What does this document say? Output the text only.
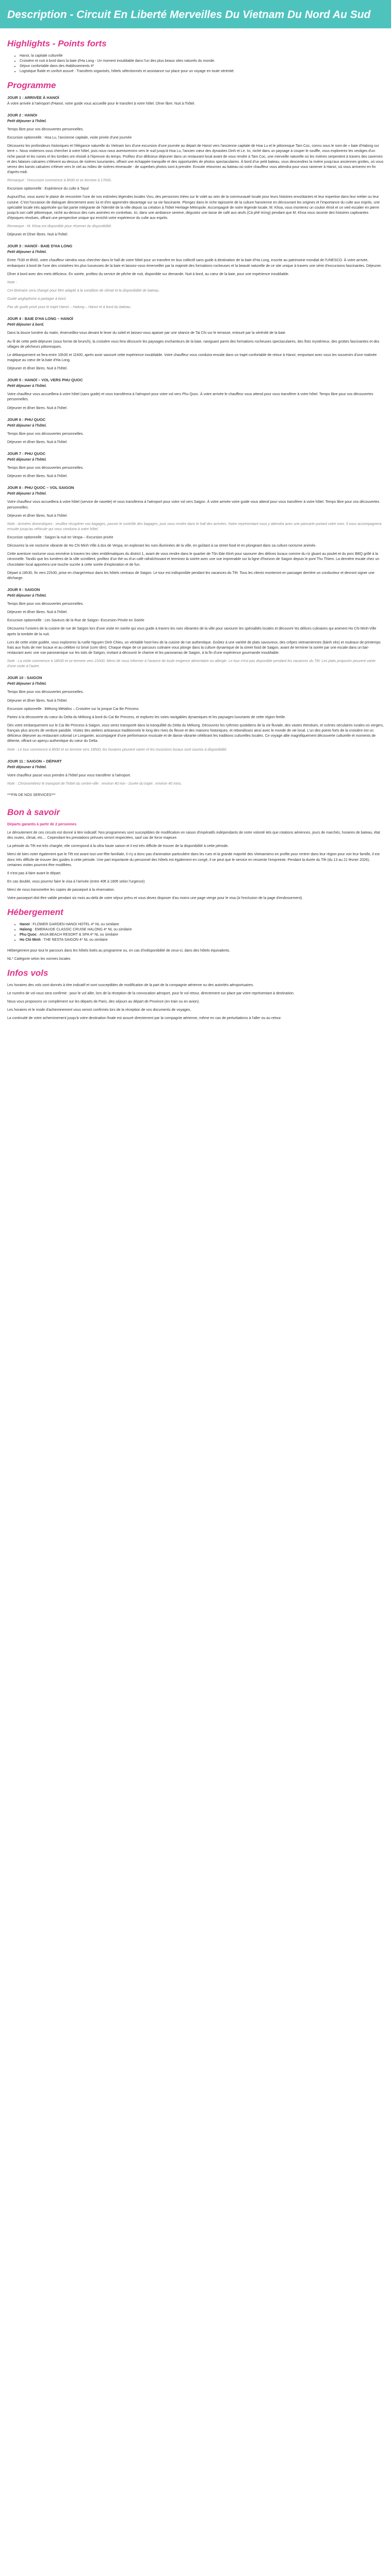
Description - Circuit En Liberté Merveilles Du Vietnam Du Nord Au Sud
Highlights - Points forts
• Hanoi, la capitale culturelle
• Croisière et nuit à bord dans la baie d'Ha Long - Un moment inoubliable dans l'un des plus beaux sites naturels du monde.
• Séjour confortable dans des établissements 4*
• Logistique fluide et confort assuré : Transferts organisés, hôtels sélectionnés et assistance sur place pour un voyage en toute sérénité.
Programme
JOUR 1 : ARRIVÉE À HANOÏ

À votre arrivée à l'aéroport d'Hanoï, votre guide vous accueille pour le transfert à votre hôtel. Dîner libre. Nuit à l'hôtel.

JOUR 2 : HANOI

Petit déjeuner à l'hôtel.

Temps libre pour vos découvertes personnelles.

Excursion optionnelle : Hoa Lu, l'ancienne capitale, visite privée d'une journée

Découvrez les profondeurs historiques et l'élégance naturelle du Vietnam lors d'une excursion d'une journée au départ de Hanoï vers l'ancienne capitale de Hoa Lu et le pittoresque Tam Coc, connu sous le nom de « baie d'Halong sur terre ». Nous visiterons vous chercher à votre hôtel, puis nous nous aventurerons vers le sud jusqu'à Hoa Lu, l'ancien cœur des dynasties Dinh et Le. Ici, niché dans un paysage à couper le souffle, vous explorerez les vestiges d'un riche passé et les ruines et les tombes ont résisté à l'épreuve du temps. Profitez d'un délicieux déjeuner dans un restaurant local avant de vous rendre à Tam Coc, une merveille naturelle où les rivières serpentent à travers des cavernes et des falaises calcaires s'élèvent au-dessus de rizières luxuriantes, offrant une échappée tranquille et des opportunités de photos spectaculaires. À bord d'un petit bateau, vous descendrez la rivière jusqu'aux anciennes grottes, où vous verrez des karsts calcaires s'élever vers le ciel au milieu de rizières émeraude - de superbes photos sont à prendre. Ensuite retournez au bateau où votre chauffeur vous attendra pour vous ramener à Hanoï, où vous arriverez en fin d'après-midi.

Remarque : l'excursion commence à 8h00 et se termine à 17h00.

Excursion optionnelle : Expérience du culte à Tayul

Aujourd'hui, vous aurez le plaisir de rencontrer l'une de nos estimées légendes locales Vivu, des personnes triées sur le volet au sein de la communauté locale pour leurs histoires envoûtantes et leur expertise dans leur métier ou leur cuisine. C'est l'occasion de dialoguer directement avec lui et d'en apprendre davantage sur sa vie fascinante. Plongez dans le riche tapisserie de la culture hanoïenne en découvrant les origines et l'importance du culte aux esprits, une spécialité locale très appréciée qui fait partie intégrante de l'identité de la ville depuis sa création à l'hôtel Heritage Métropole. Accompagné de notre légende locale, M. Khoa, vous monterez un couloir étroit et un vieil escalier en pierre jusqu'à son café pittoresque, niché au-dessus des rues animées en contrebas. Ici, dans une ambiance sereine, dégustez une tasse de café aux œufs (Cà phê trứng) pendant que M. Khoa vous raconte des histoires captivantes d'époques révolues, offrant une perspective unique qui enrichit votre expérience du culte aux esprits.

Remarque : M. Khoa est disponible pour réserver du disponibilité.

Déjeuner et Dîner libres. Nuit à l'hôtel.

JOUR 3 : HANOÏ - BAIE D'HA LONG

Petit déjeuner à l'hôtel.

Entre 7h30 et 8h00, votre chauffeur viendra vous chercher dans le hall de votre hôtel pour un transfert en bus collectif sans guide à destination de la baie d'Ha Long, inscrite au patrimoine mondial de l'UNESCO. À votre arrivée, embarquez à bord de l'une des croisières les plus luxueuses de la baie et laissez-vous émerveiller par la majesté des formations rocheuses et la beauté naturelle de ce site unique à travers une série d'excursions fascinantes. Déjeuner.

Dîner à bord avec des mets délicieux. En soirée, profitez du service de pêche de nuit, disponible sur demande. Nuit à bord, au cœur de la baie, pour une expérience inoubliable.

Note :

Cet itinéraire sera changé pour être adapté à la condition de climat et la disponibilité de bateau.

Guide anglophone à partager à bord.

Pas de guide privé pour le trajet Hanoï – Halong – Hanoï et à bord du bateau.

JOUR 4 : BAIE D'HA LONG – HANOÏ

Petit déjeuner à bord.

Dans la douce lumière du matin, émerveillez-vous devant le lever du soleil et laissez-vous apaiser par une séance de Tai Chi sur le terrasse, entouré par la sérénité de la baie.

Au fil de cette petit-déjeuner (sous forme de brunch), la croisière vous fera découvrir les paysages enchanteurs de la baie, naviguant parmi des formations rocheuses spectaculaires, des îlots mystérieux, des grottes fascinantes et des villages de pêcheurs pittoresques.

Le débarquement se fera entre 10h30 et 11h00, après avoir savouré cette expérience inoubliable. Votre chauffeur vous conduira ensuite dans un trajet confortable de retour à Hanoï, emportant avec vous les souvenirs d'une matinée magique au cœur de la baie d'Ha Long.

Déjeuner et dîner libres. Nuit à l'hôtel.

JOUR 5 : HANOÏ – VOL VERS PHU QUOC

Petit déjeuner à l'hôtel.

Votre chauffeur vous accueillera à votre hôtel (sans guide) et vous transférera à l'aéroport pour votre vol vers Phu Quoc. À votre arrivée le chauffeur vous attend pour vous transférer à votre hôtel. Temps libre pour vos découvertes personnelles.

Déjeuner et dîner libres. Nuit à l'hôtel.

JOUR 6 : PHU QUOC

Petit déjeuner à l'hôtel.

Temps libre pour vos découvertes personnelles.

Déjeuner et dîner libres. Nuit à l'hôtel.

JOUR 7 : PHU QUOC

Petit déjeuner à l'hôtel.

Temps libre pour vos découvertes personnelles.

Déjeuner et dîner libres. Nuit à l'hôtel.

JOUR 8 : PHU QUOC – VOL SAIGON

Petit déjeuner à l'hôtel.

Votre chauffeur vous accueillera à votre hôtel (service de navette) et vous transférera à l'aéroport pour votre vol vers Saigon. À votre arrivée votre guide vous attend pour vous transférer à votre hôtel. Temps libre pour vos découvertes personnelles.

Déjeuner et dîner libres. Nuit à l'hôtel.

Note : Arrivées domestiques : veuillez récupérer vos bagages, passer le contrôle des bagages, puis vous rendre dans le hall des arrivées. Notre représentant vous y attendra avec une pancarte portant votre nom. Il vous accompagnera ensuite jusqu'au véhicule qui vous conduira à votre hôtel.

Excursion optionnelle : Saigon la nuit en Vespa – Excursion privée

Découvrez la vie nocturne vibrante de Ho Chi Minh Ville à dos de Vespa, en explorant les rues illuminées de la ville, en goûtant à sa street food et en plongeant dans sa culture nocturne animée.

Cette aventure nocturne vous emmène à travers les sites emblématiques du district 1, avant de vous rendre dans le quartier de Tôn Đản Đinh pour savourer des délices locaux comme du riz gluant au poulet et du porc BBQ grillé à la citronnelle. Tandis que les lumières de la ville scintillent, profitez d'un thé ou d'un café rafraîchissant et terminez la soirée avec une vue imprenable sur la ligne d'horizon de Saigon depuis le pont Thu Thiem. La dernière escale chez un chocolatier local apportera une touche sucrée à cette soirée d'exploration et de fun.

Départ à 18h30, fin vers 22h30, prise en charge/retour dans les hôtels centraux de Saigon. Le tour est indisponible pendant les vacances du Têt. Tous les clients monteront en passager derrière un conducteur et devront signer une décharge.

JOUR 9 : SAIGON

Petit déjeuner à l'hôtel.

Temps libre pour vos découvertes personnelles.

Déjeuner et dîner libres. Nuit à l'hôtel.

Excursion optionnelle : Les Saveurs de la Rue de Saïgon -Excursion Privée en Soirée

Découvrez l'univers de la cuisine de rue de Saïgon lors d'une visite en soirée qui vous guide à travers les rues vibrantes de la ville pour savourer les spécialités locales et découvrir les délices culinaires qui animent Ho Chi Minh-Ville après la tombée de la nuit.

Lors de cette visite guidée, vous explorerez la ruelle Nguyen Dinh Chieu, un véritable hoot-heu de la cuisine de rue authentique. Goûtez à une variété de plats savoureux, des crêpes vietnamiennes (bánh xèo) et rouleaux de printemps frais aux fruits de mer locaux et au célèbre riz brisé (cơm tấm). Chaque étape de ce parcours culinaire vous plonge dans la culture dynamique de la street food de Saigon, avant de terminer la soirée par une escale dans un bar-restaurant avec une vue panoramique sur les toits de Saïgon, invitant à découvrir le charme et les panoramas de Saigon, à la fin d'une expérience gourmande inoubliable.

Note : La visite commence à 18h00 et se termine vers 21h00. Merci de nous informer à l'avance de toute exigence alimentaire ou allergie. Le tour n'est pas disponible pendant les vacances du Têt. Les plats proposés peuvent varier d'une visite à l'autre.

JOUR 10 : SAIGON

Petit déjeuner à l'hôtel.

Temps libre pour vos découvertes personnelles.

Déjeuner et dîner libres. Nuit à l'hôtel.

Excursion optionnelle : Mékong Métallos – Croisière sur la jonque Cai Be Princess

Partez à la découverte du cœur du Delta du Mékong à bord du Cai Be Princess, et explorez les voies navigables dynamiques et les paysages luxuriants de cette région fertile.

Dès votre embarquement sur le Cai Be Princess à Saigon, vous serez transporté dans la tranquillité du Delta du Mékong. Découvrez les rythmes quotidiens de la vie fluviale, des vastes étendues, et scènes séculaires rurales où vergers, français plus ancrés de verdure paisible. Visitez des ateliers artisanaux traditionnels le long des rives du fleuve et des maisons historiques, et rebondissez ainsi avec le monde de vie local. L'un des points forts de la croisière est un délicieux déjeuner au restaurant colonial Le Longanier, accompagné d'une performance musicale et de danse vibrante célébrant les traditions culturelles locales. Ce voyage allie magnifiquement découverte culturelle et moments de détente, offrant un aperçu authentique du cœur du Delta.

Note : Le tour commence à 8h00 et se termine vers 18h00, les horaires peuvent varier et les musiciens locaux sont soumis à disponibilité.

JOUR 11 : SAIGON – DÉPART

Petit déjeuner à l'hôtel.

Votre chauffeur passe vous prendre à l'hôtel pour vous transférer à l'aéroport.

Note : Chronométrez le transport de l'hôtel du centre-ville : environ 40 min - Durée du trajet : environ 40 mins.

***FIN DE NOS SERVICES***

Bon à savoir

Départs garantis à partir de 2 personnes

Le déroulement de ces circuits est donné à titre indicatif. Nos programmes sont susceptibles de modification en raison d'impératifs indépendants de notre volonté tels que rotations aériennes, jours de marchés, horaires de bateau, état des routes, climat, etc.... Cependant les prestations prévues seront respectées, sauf cas de force majeure.

La période du Têt est très chargée, elle correspond à la ultra haute saison et il est très difficile de trouver de la disponibilité à cette période.

Merci de bien noter également que le Têt est avant tout une fête familiale, il n'y a donc pas d'animation particulière dans les rues et la grande majorité des Vietnamiens en profite pour rentrer dans leur région pour voir leur famille, il est donc très difficile de trouver des guides à cette période. Une part importante du personnel des hôtels est également en congé, il se peut que le service en ressente l'empreinte. Pendant la durée du Têt (du 13 au 21 février 2026), certaines visites pourront être modifiées.

Il n'est pas à faire avant le départ.

En cas doublé, vous pourrez faire le visa à l'arrivée (entre 40€ à 180€ selon l'urgence)

Merci de nous transmettre les copies de passeport à la réservation.

Votre passeport doit être valide pendant six mois au-delà de votre séjour prévu et vous devez disposer d'au moins une page vierge pour le visa (à l'exclusion de la page d'endossement).

Hébergement
• Hanoï : FLOWER GARDEN HANOI HOTEL 4* NL ou similaire
• Halong : EMERAUDE CLASSIC CRUISE HALONG 4* NL ou similaire
• Phu Quoc : ANJA BEACH RESORT & SPA 4* NL ou similaire
• Ho Chi Minh : THE NESTA SAIGON 4* NL ou similaire

Hébergement pour tout le parcours dans les hôtels listés au programme ou, en cas d'indisponibilité de ceux-ci, dans des hôtels équivalents.

NL* Catégorie selon les normes locales

Infos vols

Les horaires des vols sont donnés à titre indicatif et sont susceptibles de modification de la part de la compagnie aérienne ou des autorités aéroportuaires.

Le numéro de vol vous sera confirmé : pour le vol aller, lors de la réception de la convocation aéroport, pour le vol retour, directement sur place par votre représentant à destination.

Nous vous proposons un complément sur les départs de Paris, des séjours au départ de Province (en train ou en avion).

Les horaires et le mode d'acheminement vous seront confirmés lors de la réception de vos documents de voyages.

La continuité de votre acheminement jusqu'à votre destination finale est assuré directement par la compagnie aérienne, même en cas de perturbations à l'aller ou au retour.
